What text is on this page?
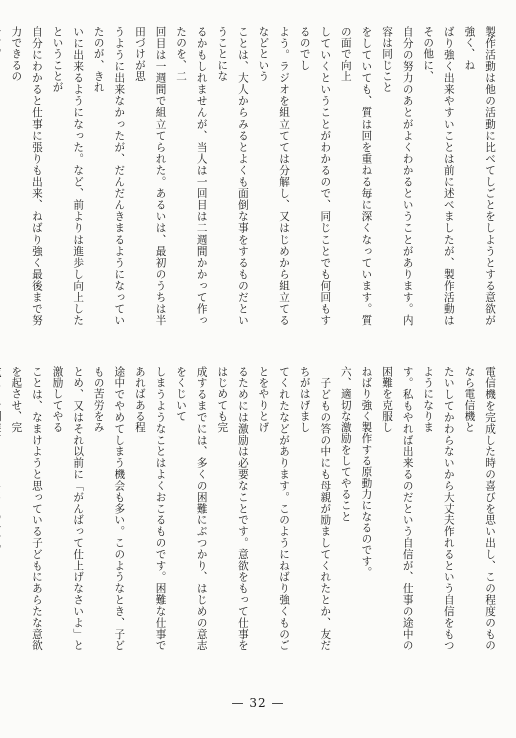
製作活動は他の活動に比べてしごとをしようとする意欲が強く、ね

ばり強く出来やすいことは前に述べましたが、製作活動はその他に、

自分の努力のあとがよくわかるということがあります。内容は同じこと

をしていても、質は回を重ねる毎に深くなっています。質の面で向上

していくということがわかるので、同じことでも何回もするのでし

よう。ラジオを組立てては分解し、又はじめから組立てるなどという

ことは、大人からみるとよくも面倒な事をするものだということにな

るかもしれませんが、当人は一回目は二週間かかって作ったのを、二

回目は一週間で組立てられた。あるいは、最初のうちは半田づけが思

うように出来なかったが、だんだんきまるようになっていたのが、きれ

いに出来るようになった。など、前よりは進歩し向上したということが

自分にわかると仕事に張りも出来、ねばり強く最後まで努力できるの

電信機を完成した時の喜びを思い出し、この程度のものなら電信機と

たいしてかわらないから大丈夫作れるという自信をもつようになりま

す。私もやれば出来るのだという自信が、仕事の途中の困難を克服し

ねばり強く製作する原動力になるのです。

六、適切な激励をしてやること

　子どもの答の中にも母親が励ましてくれたとか、友だちがはげまし

てくれたなどがあります。このようにねばり強くものごとをやりとげ

るためには激励は必要なことです。意欲をもって仕事をはじめても完

成するまでには、多くの困難にぶつかり、はじめの意志をくじいて

しまうようなことはよくおこるものです。困難な仕事であればある程

途中でやめてしまう機会も多い。このようなとき、子どもの苦労をみ

とめ、又はそれ以前に「がんばって仕上げなさいよ」と激励してやる

ことは、なまけようと思っている子どもにあらたな意欲を起させ、完

— 32 —
